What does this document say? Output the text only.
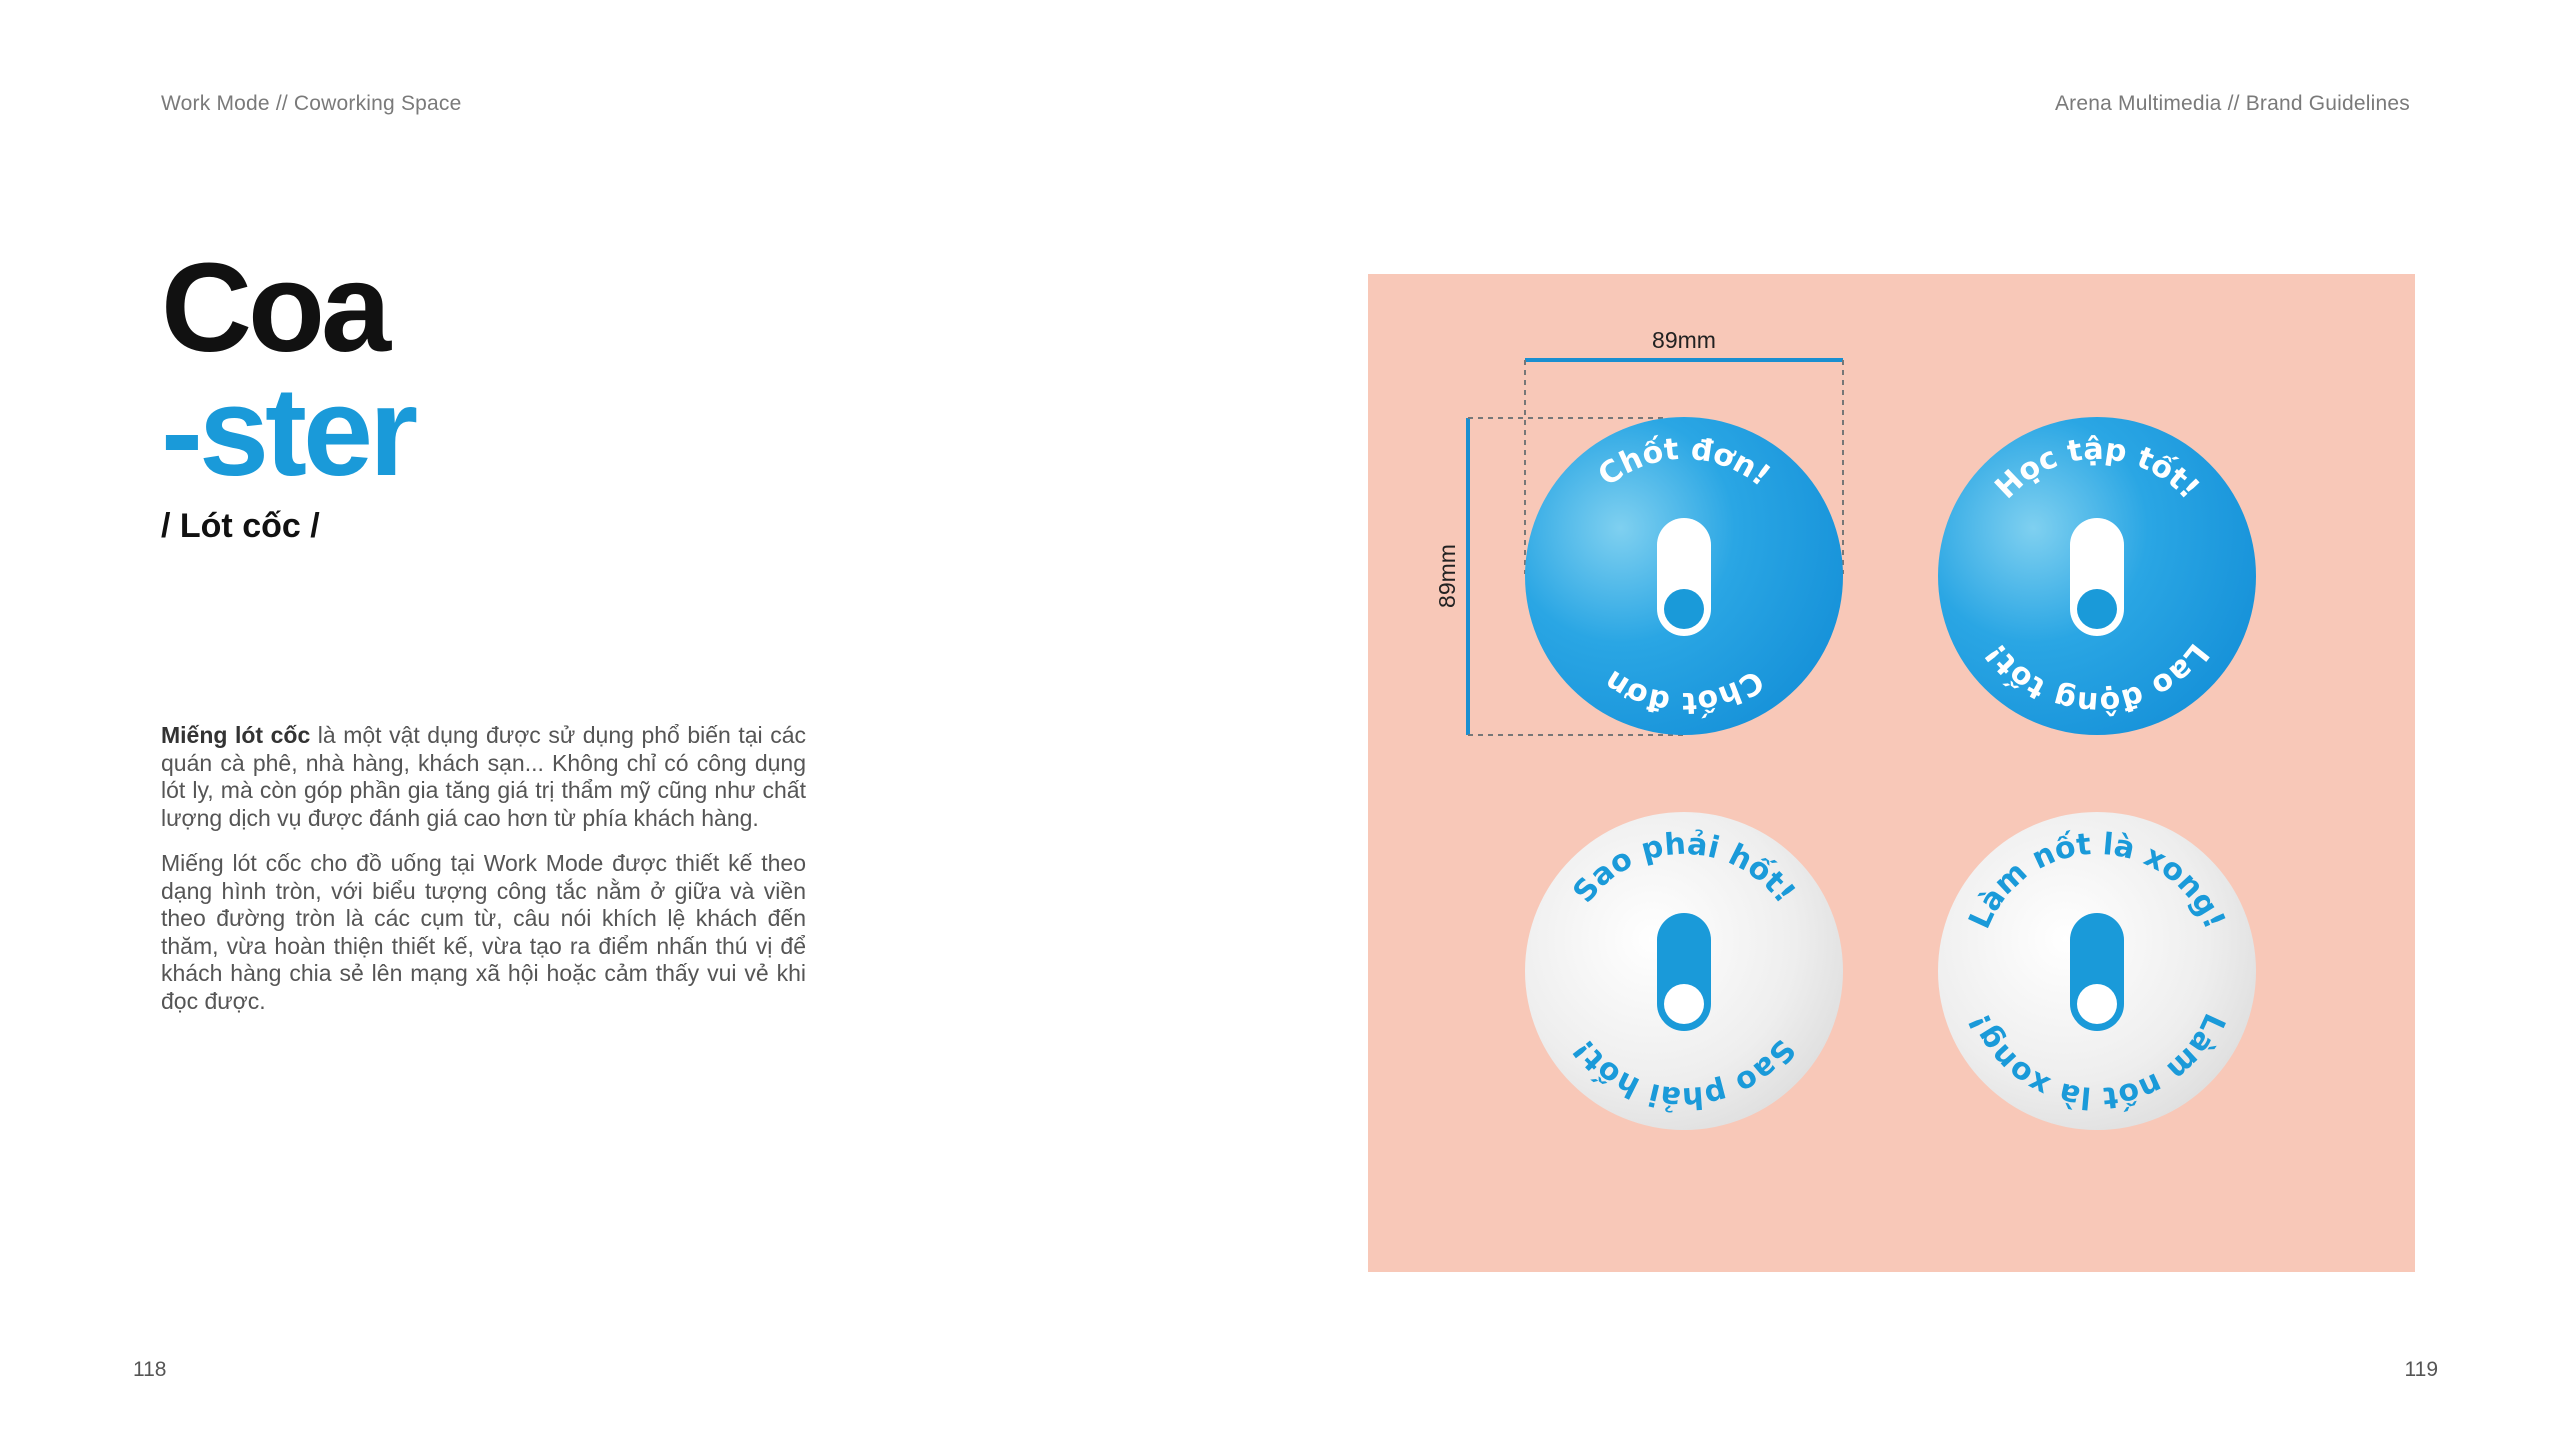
Work Mode // Coworking Space	Arena Multimedia // Brand Guidelines
Coa
-ster
/ Lót cốc /

Miếng lót cốc là một vật dụng được sử dụng phổ biến tại các quán cà phê, nhà hàng, khách sạn... Không chỉ có công dụng lót ly, mà còn góp phần gia tăng giá trị thẩm mỹ cũng như chất lượng dịch vụ được đánh giá cao hơn từ phía khách hàng.

Miếng lót cốc cho đồ uống tại Work Mode được thiết kế theo dạng hình tròn, với biểu tượng công tắc nằm ở giữa và viền theo đường tròn là các cụm từ, câu nói khích lệ khách đến thăm, vừa hoàn thiện thiết kế, vừa tạo ra điểm nhấn thú vị để khách hàng chia sẻ lên mạng xã hội hoặc cảm thấy vui vẻ khi đọc được.

89mm
89mm
Chốt đơn!
Chốt đơn
Học tập tốt!
Lao động tốt!
Sao phải hốt!
Sao phải hốt!
Làm nốt là xong!
Làm nốt là xong!
118	119
